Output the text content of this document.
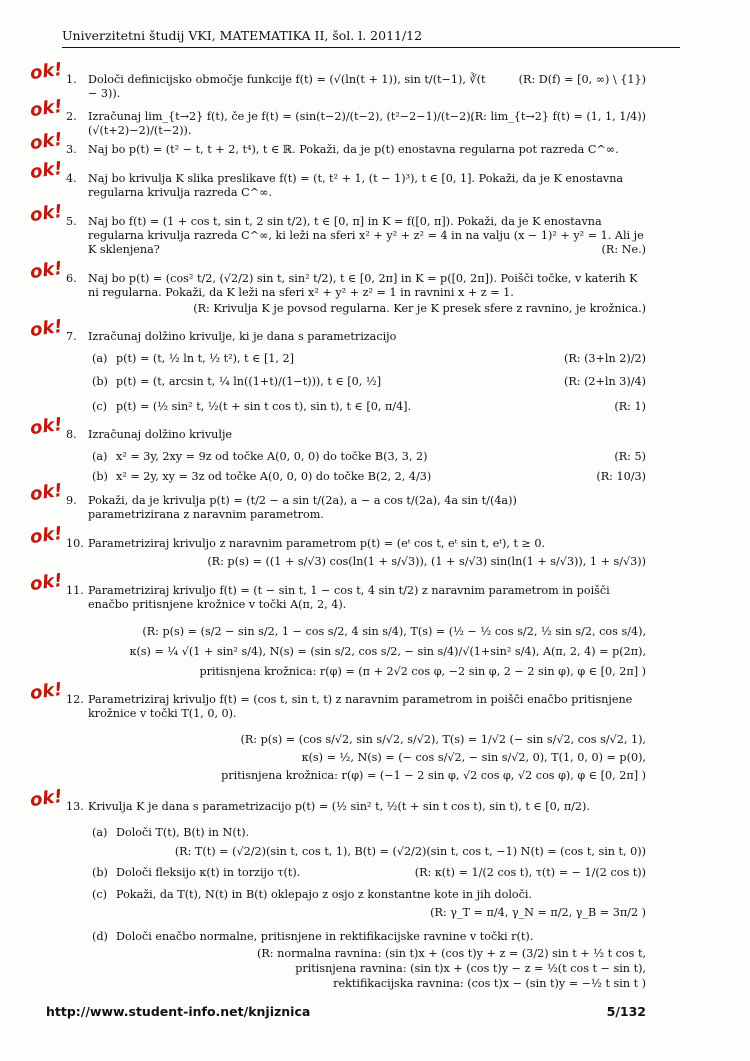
Univerzitetni študij VKI, MATEMATIKA II, šol. l. 2011/12
ok! 1. Določi definicijsko območje funkcije f(t) = (√(ln(t + 1)), sin t/(t−1), ∛(t − 3)).
(R: D(f) = [0, ∞) \ {1})
ok! 2. Izračunaj lim_{t→2} f(t), če je f(t) = (sin(t−2)/(t−2), (t²−2−1)/(t−2), (√(t+2)−2)/(t−2)).
(R: lim_{t→2} f(t) = (1, 1, 1/4))
ok! 3. Naj bo p(t) = (t² − t, t + 2, t⁴), t ∈ ℝ. Pokaži, da je p(t) enostavna regularna pot razreda C^∞.
ok! 4. Naj bo krivulja K slika preslikave f(t) = (t, t² + 1, (t − 1)³), t ∈ [0, 1]. Pokaži, da je K enostavna regularna krivulja razreda C^∞.
ok! 5. Naj bo f(t) = (1 + cos t, sin t, 2 sin t/2), t ∈ [0, π] in K = f([0, π]). Pokaži, da je K enostavna regularna krivulja razreda C^∞, ki leži na sferi x² + y² + z² = 4 in na valju (x − 1)² + y² = 1. Ali je K sklenjena?	(R: Ne.)
ok! 6. Naj bo p(t) = (cos² t/2, (√2/2) sin t, sin² t/2), t ∈ [0, 2π] in K = p([0, 2π]). Poišči točke, v katerih K ni regularna. Pokaži, da K leži na sferi x² + y² + z² = 1 in ravnini x + z = 1.
(R: Krivulja K je povsod regularna. Ker je K presek sfere z ravnino, je krožnica.)
ok! 7. Izračunaj dolžino krivulje, ki je dana s parametrizacijo
(a) p(t) = (t, ½ ln t, ½ t²), t ∈ [1, 2]	(R: (3+ln 2)/2)
(b) p(t) = (t, arcsin t, ¼ ln((1+t)/(1−t))), t ∈ [0, ½]	(R: (2+ln 3)/4)
(c) p(t) = (½ sin² t, ½(t + sin t cos t), sin t), t ∈ [0, π/4].	(R: 1)
ok! 8. Izračunaj dolžino krivulje
(a) x² = 3y, 2xy = 9z od točke A(0, 0, 0) do točke B(3, 3, 2)	(R: 5)
(b) x² = 2y, xy = 3z od točke A(0, 0, 0) do točke B(2, 2, 4/3)	(R: 10/3)
ok! 9. Pokaži, da je krivulja p(t) = (t/2 − a sin t/(2a), a − a cos t/(2a), 4a sin t/(4a)) parametrizirana z naravnim parametrom.
ok! 10. Parametriziraj krivuljo z naravnim parametrom p(t) = (eᵗ cos t, eᵗ sin t, eᵗ), t ≥ 0.
(R: p(s) = ((1 + s/√3) cos(ln(1 + s/√3)), (1 + s/√3) sin(ln(1 + s/√3)), 1 + s/√3))
ok! 11. Parametriziraj krivuljo f(t) = (t − sin t, 1 − cos t, 4 sin t/2) z naravnim parametrom in poišči enačbo pritisnjene krožnice v točki A(π, 2, 4).
(R: p(s) = (s/2 − sin s/2, 1 − cos s/2, 4 sin s/4), T(s) = (½ − ½ cos s/2, ½ sin s/2, cos s/4),
κ(s) = ¼ √(1 + sin² s/4), N(s) = (sin s/2, cos s/2, − sin s/4)/√(1+sin² s/4), A(π, 2, 4) = p(2π),
pritisnjena krožnica: r(φ) = (π + 2√2 cos φ, −2 sin φ, 2 − 2 sin φ), φ ∈ [0, 2π] )
ok! 12. Parametriziraj krivuljo f(t) = (cos t, sin t, t) z naravnim parametrom in poišči enačbo pritisnjene krožnice v točki T(1, 0, 0).
(R: p(s) = (cos s/√2, sin s/√2, s/√2), T(s) = 1/√2 (− sin s/√2, cos s/√2, 1),
κ(s) = ½, N(s) = (− cos s/√2, − sin s/√2, 0), T(1, 0, 0) = p(0),
pritisnjena krožnica: r(φ) = (−1 − 2 sin φ, √2 cos φ, √2 cos φ), φ ∈ [0, 2π] )
ok! 13. Krivulja K je dana s parametrizacijo p(t) = (½ sin² t, ½(t + sin t cos t), sin t), t ∈ [0, π/2).
(a) Določi T(t), B(t) in N(t).
(R: T(t) = (√2/2)(sin t, cos t, 1), B(t) = (√2/2)(sin t, cos t, −1) N(t) = (cos t, sin t, 0))
(b) Določi fleksijo κ(t) in torzijo τ(t).	(R: κ(t) = 1/(2 cos t), τ(t) = − 1/(2 cos t))
(c) Pokaži, da T(t), N(t) in B(t) oklepajo z osjo z konstantne kote in jih določi.
(R: γ_T = π/4, γ_N = π/2, γ_B = 3π/2 )
(d) Določi enačbo normalne, pritisnjene in rektifikacijske ravnine v točki r(t).
(R: normalna ravnina: (sin t)x + (cos t)y + z = (3/2) sin t + ½ t cos t,
pritisnjena ravnina: (sin t)x + (cos t)y − z = ½(t cos t − sin t),
rektifikacijska ravnina: (cos t)x − (sin t)y = −½ t sin t )
http://www.student-info.net/knjiznica	5/132
